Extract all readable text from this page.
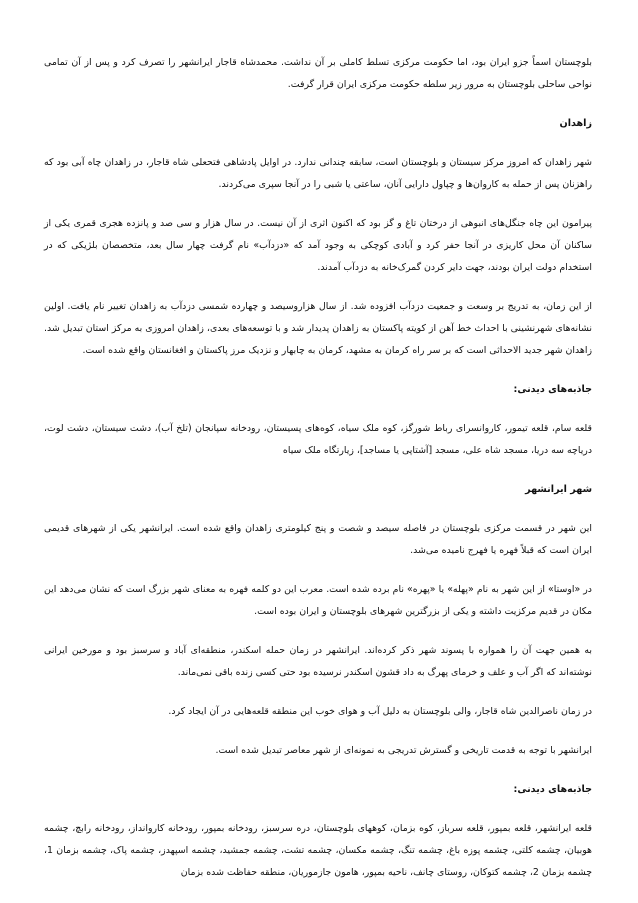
بلوچستان اسماً جزو ایران بود، اما حکومت مرکزی تسلط کاملی بر آن نداشت. محمدشاه قاجار ایرانشهر را تصرف کرد و پس از آن تمامی نواحی ساحلی بلوچستان به مرور زیر سلطه حکومت مرکزی ایران قرار گرفت.

زاهدان

شهر زاهدان که امروز مرکز سیستان و بلوچستان است، سابقه چندانی ندارد. در اوایل پادشاهی فتحعلی شاه قاجار، در زاهدان چاه آبی بود که راهزنان پس از حمله به کاروان‌ها و چپاول دارایی آنان، ساعتی یا شبی را در آنجا سپری می‌کردند.

پیرامون این چاه جنگل‌های انبوهی از درختان تاغ و گز بود که اکنون اثری از آن نیست. در سال هزار و سی صد و پانزده هجری قمری یکی از ساکنان آن محل کاریزی در آنجا حفر کرد و آبادی کوچکی به وجود آمد که «دزدآب» نام گرفت چهار سال بعد، متخصصان بلژیکی که در استخدام دولت ایران بودند، جهت دایر کردن گمرک‌خانه به دزدآب آمدند.

از این زمان، به تدریج بر وسعت و جمعیت دزدآب افزوده شد. از سال هزاروسیصد و چهارده شمسی دزدآب به زاهدان تغییر نام یافت. اولین نشانه‌های شهرنشینی با احداث خط آهن از کویته پاکستان به زاهدان پدیدار شد و با توسعه‌های بعدی، زاهدان امروزی به مرکز استان تبدیل شد. زاهدان شهر جدید الاحداثی است که بر سر راه کرمان به مشهد، کرمان به چابهار و نزدیک مرز پاکستان و افغانستان واقع شده است.

جاذبه‌های دیدنی:

قلعه سام، قلعه تیمور، کاروانسرای رباط شورگز، کوه ملک سیاه، کوه‌های پسیستان، رودخانه سپانجان (تلخ آب)، دشت سیستان، دشت لوت، دریاچه سه دریا، مسجد شاه علی، مسجد [آشتاپی یا مساجد]، زیارتگاه ملک سیاه

شهر ایرانشهر

این شهر در قسمت مرکزی بلوچستان در فاصله سیصد و شصت و پنج کیلومتری زاهدان واقع شده است. ایرانشهر یکی از شهرهای قدیمی ایران است که قبلاً فهره یا فهرج نامیده می‌شد.

در «اوستا» از این شهر به نام «پهله» یا «پهره» نام برده شده است. معرب این دو کلمه فهره به معنای شهر بزرگ است که نشان می‌دهد این مکان در قدیم مرکزیت داشته و یکی از بزرگترین شهرهای بلوچستان و ایران بوده است.

به همین جهت آن را همواره با پسوند شهر ذکر کرده‌اند. ایرانشهر در زمان حمله اسکندر، منطقه‌ای آباد و سرسبز بود و مورخین ایرانی نوشته‌اند که اگر آب و علف و خرمای پهرگ به داد قشون اسکندر نرسیده بود حتی کسی زنده باقی نمی‌ماند.

در زمان ناصرالدین شاه قاجار، والی بلوچستان به دلیل آب و هوای خوب این منطقه قلعه‌هایی در آن ایجاد کرد.

ایرانشهر با توجه به قدمت تاریخی و گسترش تدریجی به نمونه‌ای از شهر معاصر تبدیل شده است.

جاذبه‌های دیدنی:

قلعه ایرانشهر، قلعه بمپور، قلعه سرباز، کوه بزمان، کوههای بلوچستان، دره سرسبز، رودخانه بمپور، رودخانه کاروانداز، رودخانه رابچ، چشمه هوبیان، چشمه کلتی، چشمه پوزه باغ، چشمه تنگ، چشمه مکسان، چشمه تشت، چشمه جمشید، چشمه اسپهدز، چشمه پاک، چشمه بزمان 1، چشمه بزمان 2، چشمه کتوکان، روستای چانف، ناحیه بمپور، هامون جازموریان، منطقه حفاظت شده بزمان
